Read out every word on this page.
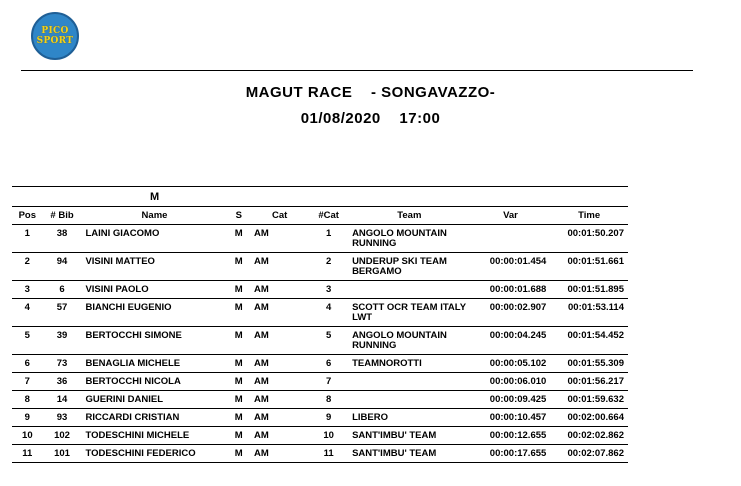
PICO
SPORT
MAGUT RACE    - SONGAVAZZO-
01/08/2020    17:00
M								
Pos	# Bib	Name	S	Cat	#Cat	Team	Var	Time
1	38	LAINI GIACOMO	M	AM	1	ANGOLO MOUNTAIN RUNNING		00:01:50.207
2	94	VISINI MATTEO	M	AM	2	UNDERUP SKI TEAM BERGAMO	00:00:01.454	00:01:51.661
3	6	VISINI PAOLO	M	AM	3		00:00:01.688	00:01:51.895
4	57	BIANCHI EUGENIO	M	AM	4	SCOTT OCR TEAM ITALY LWT	00:00:02.907	00:01:53.114
5	39	BERTOCCHI SIMONE	M	AM	5	ANGOLO MOUNTAIN RUNNING	00:00:04.245	00:01:54.452
6	73	BENAGLIA MICHELE	M	AM	6	TEAMNOROTTI	00:00:05.102	00:01:55.309
7	36	BERTOCCHI NICOLA	M	AM	7		00:00:06.010	00:01:56.217
8	14	GUERINI DANIEL	M	AM	8		00:00:09.425	00:01:59.632
9	93	RICCARDI CRISTIAN	M	AM	9	LIBERO	00:00:10.457	00:02:00.664
10	102	TODESCHINI MICHELE	M	AM	10	SANT'IMBU' TEAM	00:00:12.655	00:02:02.862
11	101	TODESCHINI FEDERICO	M	AM	11	SANT'IMBU' TEAM	00:00:17.655	00:02:07.862
